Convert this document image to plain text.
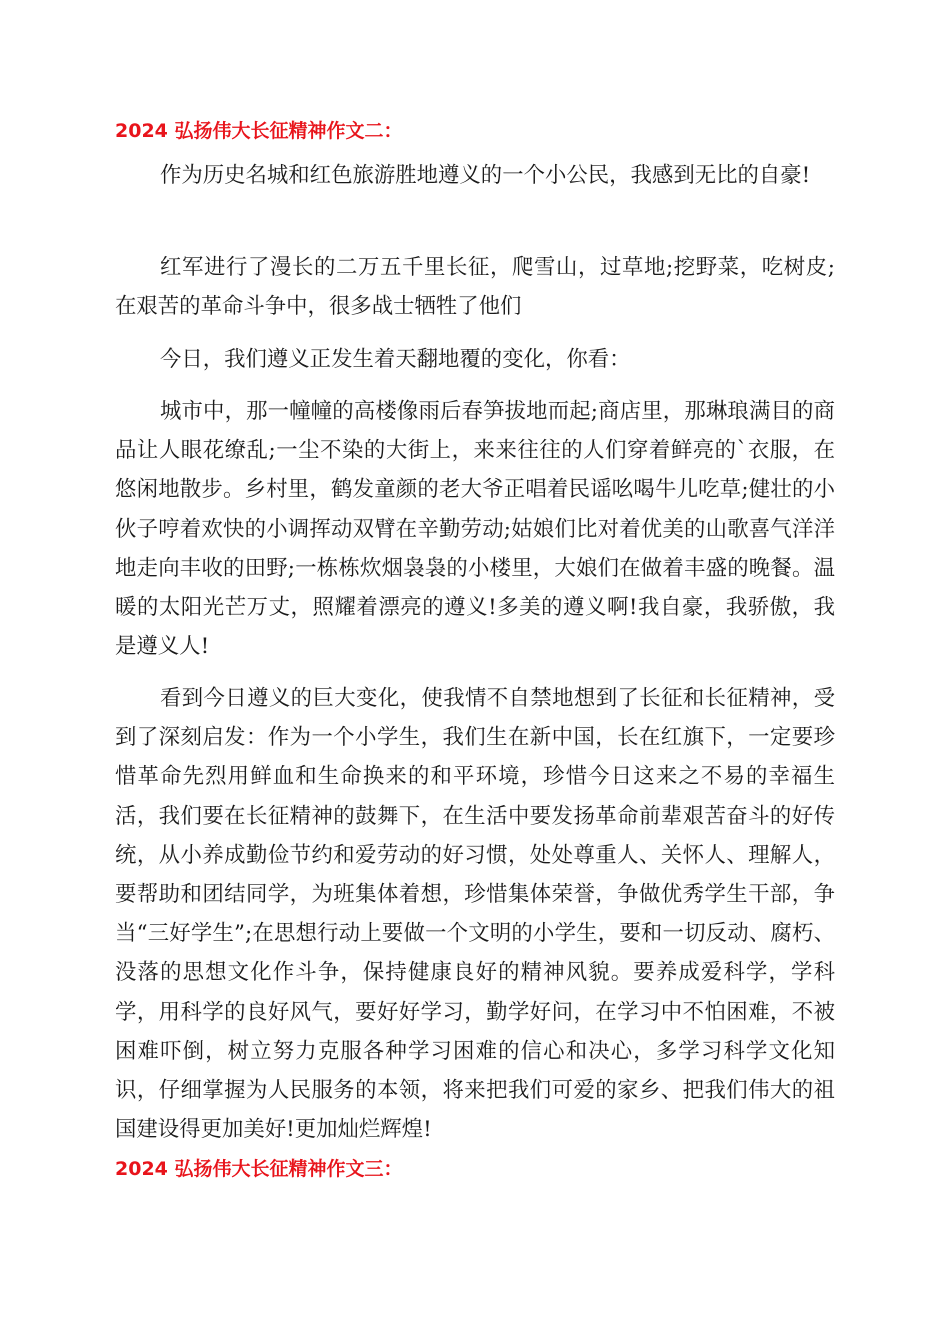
2024 弘扬伟大长征精神作文二：

作为历史名城和红色旅游胜地遵义的一个小公民，我感到无比的自豪!

红军进行了漫长的二万五千里长征，爬雪山，过草地;挖野菜，吃树皮;在艰苦的革命斗争中，很多战士牺牲了他们

今日，我们遵义正发生着天翻地覆的变化，你看：

城市中，那一幢幢的高楼像雨后春笋拔地而起;商店里，那琳琅满目的商品让人眼花缭乱;一尘不染的大街上，来来往往的人们穿着鲜亮的`衣服，在悠闲地散步。乡村里，鹤发童颜的老大爷正唱着民谣吆喝牛儿吃草;健壮的小伙子哼着欢快的小调挥动双臂在辛勤劳动;姑娘们比对着优美的山歌喜气洋洋地走向丰收的田野;一栋栋炊烟袅袅的小楼里，大娘们在做着丰盛的晚餐。温暖的太阳光芒万丈，照耀着漂亮的遵义!多美的遵义啊!我自豪，我骄傲，我是遵义人!

看到今日遵义的巨大变化，使我情不自禁地想到了长征和长征精神，受到了深刻启发：作为一个小学生，我们生在新中国，长在红旗下，一定要珍惜革命先烈用鲜血和生命换来的和平环境，珍惜今日这来之不易的幸福生活，我们要在长征精神的鼓舞下，在生活中要发扬革命前辈艰苦奋斗的好传统，从小养成勤俭节约和爱劳动的好习惯，处处尊重人、关怀人、理解人，要帮助和团结同学，为班集体着想，珍惜集体荣誉，争做优秀学生干部，争当“三好学生”;在思想行动上要做一个文明的小学生，要和一切反动、腐朽、没落的思想文化作斗争，保持健康良好的精神风貌。要养成爱科学，学科学，用科学的良好风气，要好好学习，勤学好问，在学习中不怕困难，不被困难吓倒，树立努力克服各种学习困难的信心和决心，多学习科学文化知识，仔细掌握为人民服务的本领，将来把我们可爱的家乡、把我们伟大的祖国建设得更加美好!更加灿烂辉煌!

2024 弘扬伟大长征精神作文三：
